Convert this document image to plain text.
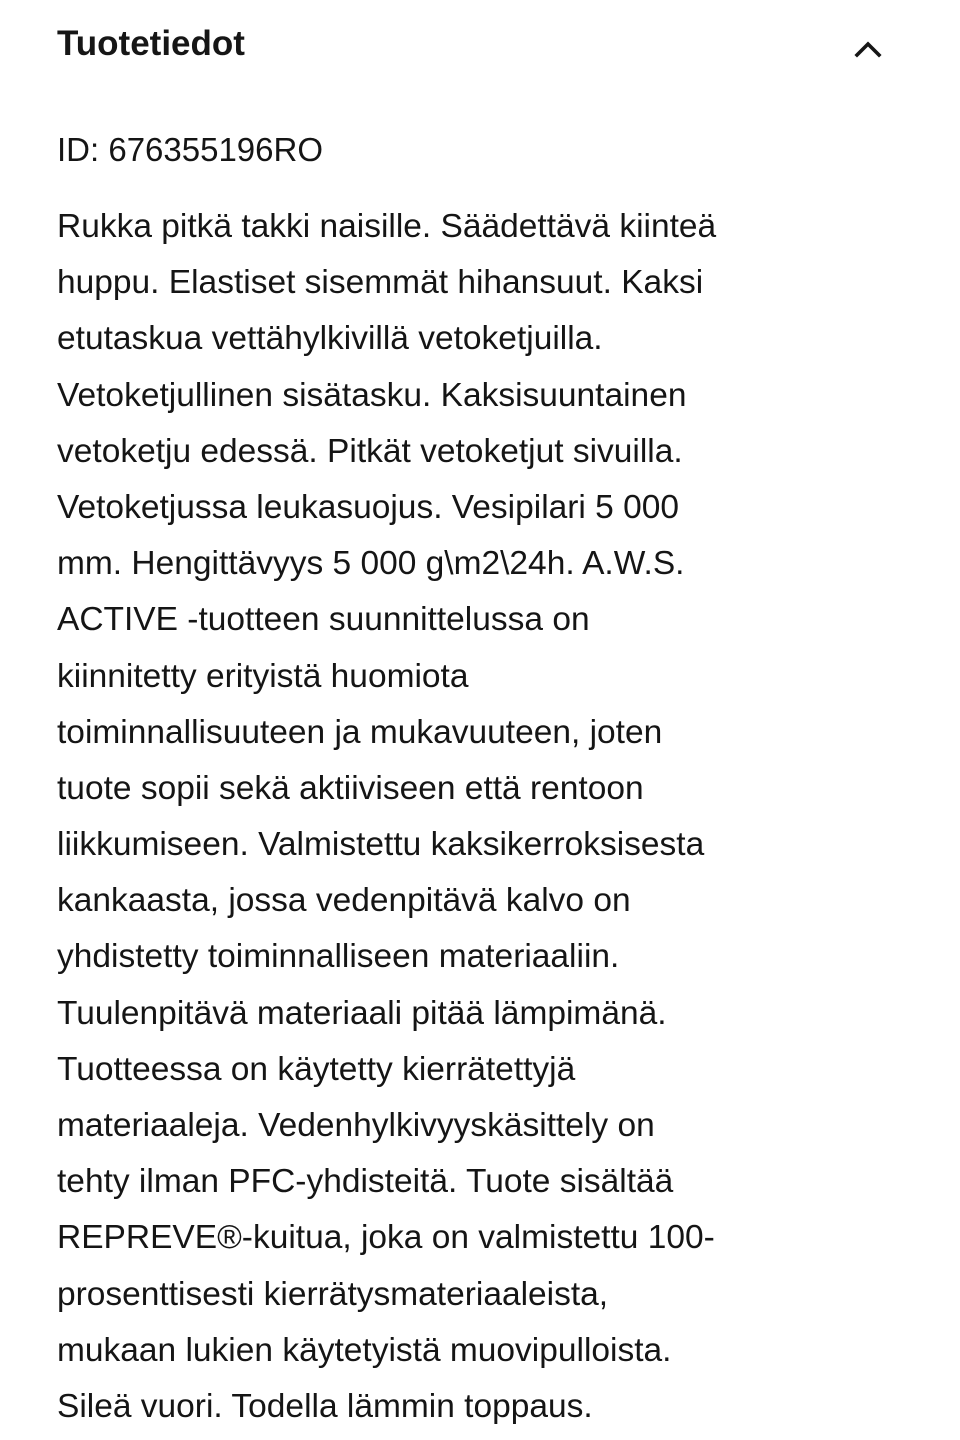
Tuotetiedot
ID: 676355196RO
Rukka pitkä takki naisille. Säädettävä kiinteä
huppu. Elastiset sisemmät hihansuut. Kaksi
etutaskua vettähylkivillä vetoketjuilla.
Vetoketjullinen sisätasku. Kaksisuuntainen
vetoketju edessä. Pitkät vetoketjut sivuilla.
Vetoketjussa leukasuojus. Vesipilari 5 000
mm. Hengittävyys 5 000 g\m2\24h. A.W.S.
ACTIVE -tuotteen suunnittelussa on
kiinnitetty erityistä huomiota
toiminnallisuuteen ja mukavuuteen, joten
tuote sopii sekä aktiiviseen että rentoon
liikkumiseen. Valmistettu kaksikerroksisesta
kankaasta, jossa vedenpitävä kalvo on
yhdistetty toiminnalliseen materiaaliin.
Tuulenpitävä materiaali pitää lämpimänä.
Tuotteessa on käytetty kierrätettyjä
materiaaleja. Vedenhylkivyyskäsittely on
tehty ilman PFC-yhdisteitä. Tuote sisältää
REPREVE®-kuitua, joka on valmistettu 100-
prosenttisesti kierrätysmateriaaleista,
mukaan lukien käytetyistä muovipulloista.
Sileä vuori. Todella lämmin toppaus.
